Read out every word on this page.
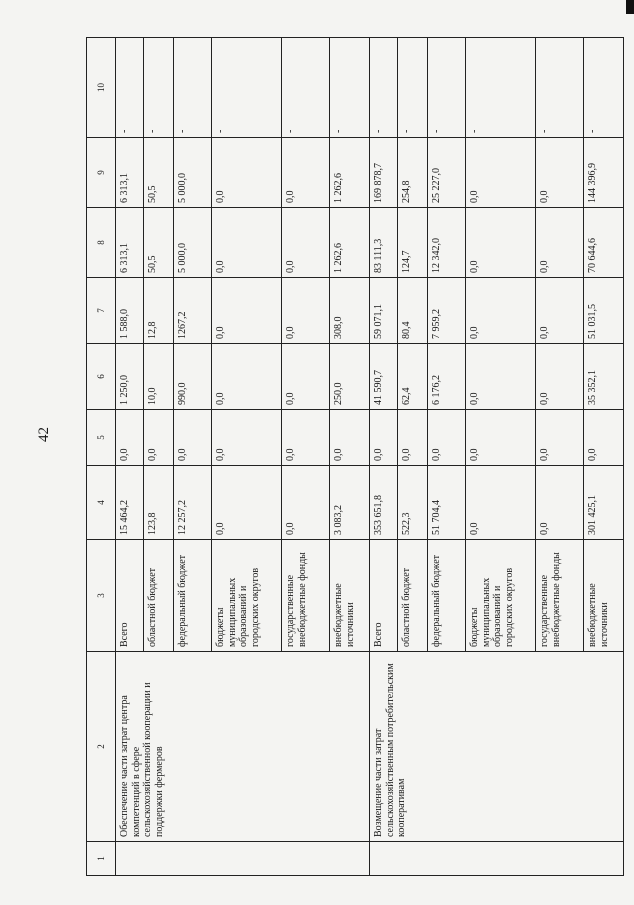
42
1	2	3	4	5	6	7	8	9	10
	Обеспечение части затрат центра компетенций в сфере сельскохозяйственной кооперации и поддержки фермеров	Всего	15 464,2	0,0	1 250,0	1 588,0	6 313,1	6 313,1	-
		областной бюджет	123,8	0,0	10,0	12,8	50,5	50,5	-
		федеральный бюджет	12 257,2	0,0	990,0	1267,2	5 000,0	5 000,0	-
		бюджеты муниципальных образований и городских округов	0,0	0,0	0,0	0,0	0,0	0,0	-
		государственные внебюджетные фонды	0,0	0,0	0,0	0,0	0,0	0,0	-
		внебюджетные источники	3 083,2	0,0	250,0	308,0	1 262,6	1 262,6	-
	Возмещение части затрат сельскохозяйственным потребительским кооперативам	Всего	353 651,8	0,0	41 590,7	59 071,1	83 111,3	169 878,7	-
		областной бюджет	522,3	0,0	62,4	80,4	124,7	254,8	-
		федеральный бюджет	51 704,4	0,0	6 176,2	7 959,2	12 342,0	25 227,0	-
		бюджеты муниципальных образований и городских округов	0,0	0,0	0,0	0,0	0,0	0,0	-
		государственные внебюджетные фонды	0,0	0,0	0,0	0,0	0,0	0,0	-
		внебюджетные источники	301 425,1	0,0	35 352,1	51 031,5	70 644,6	144 396,9	-
